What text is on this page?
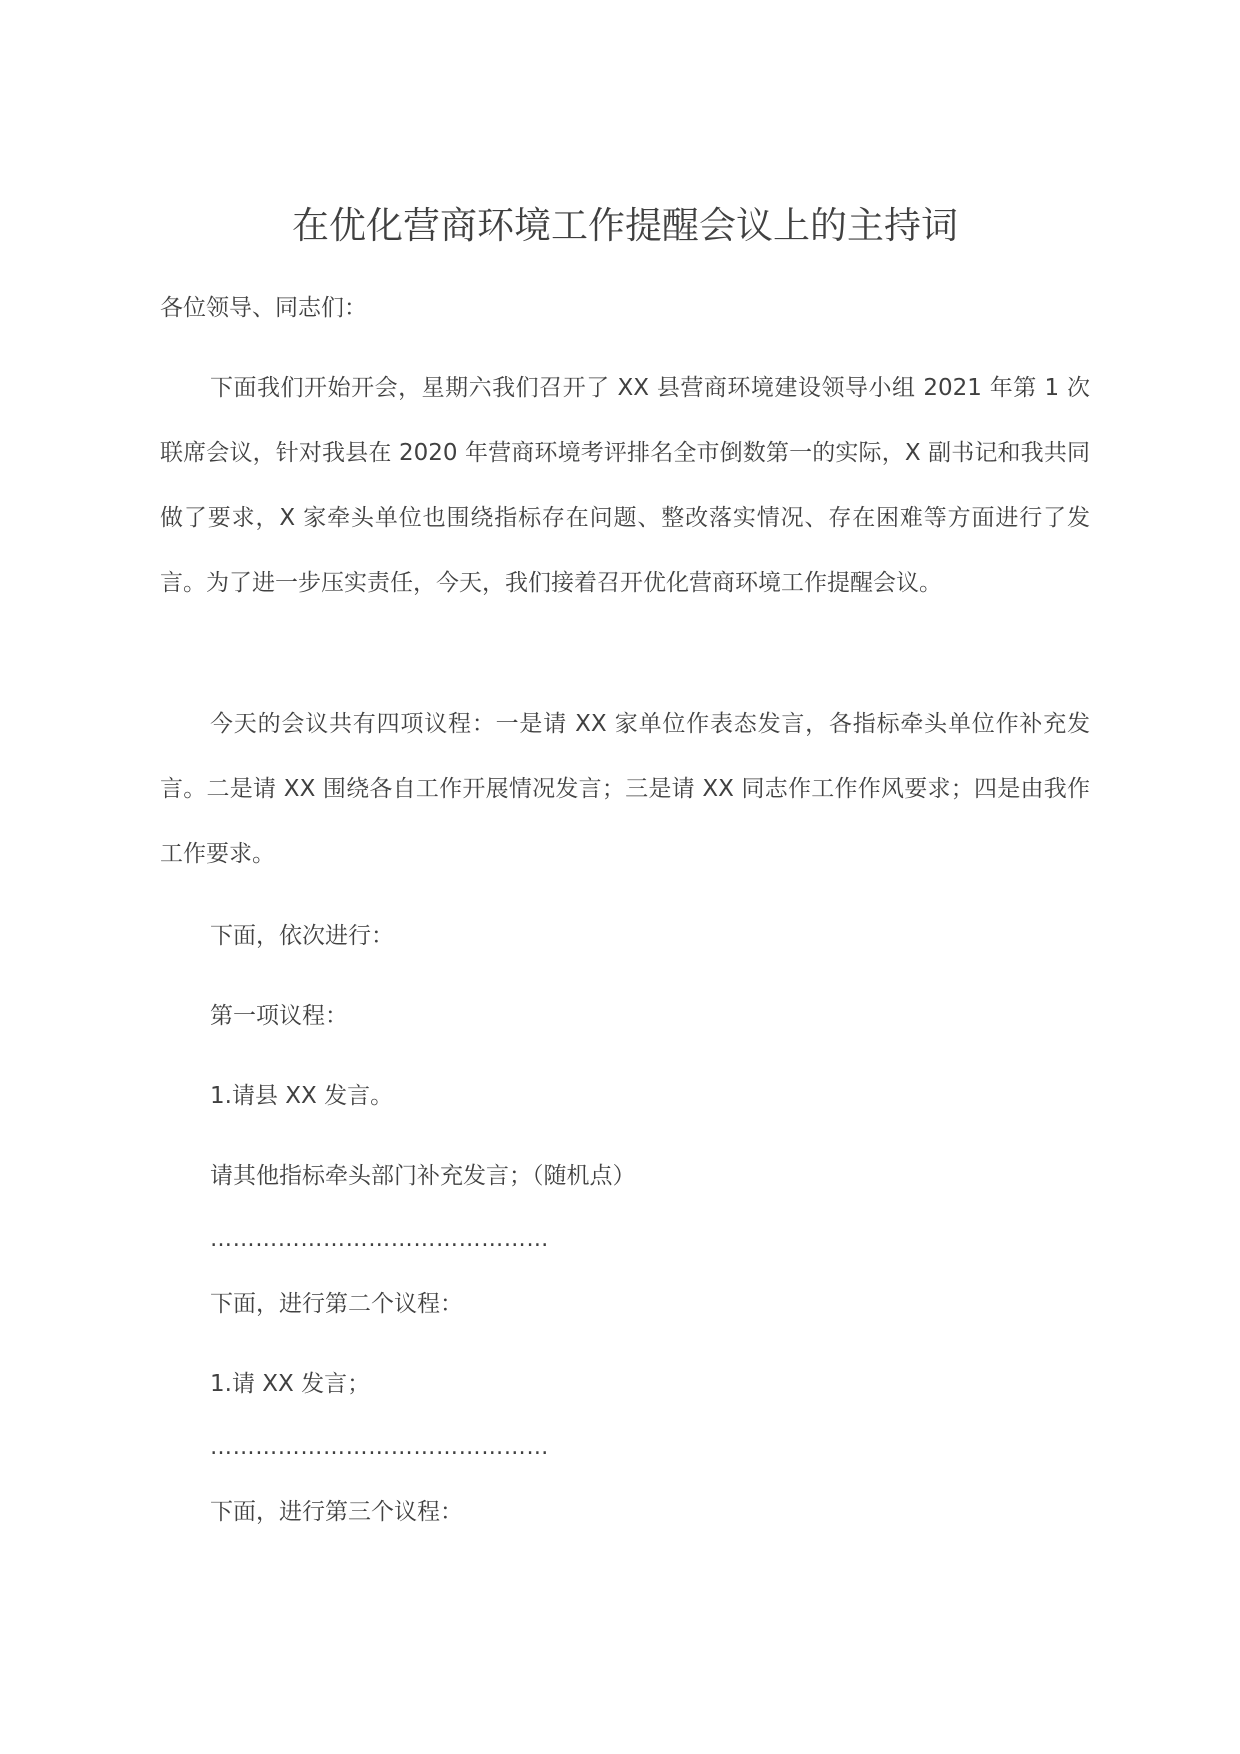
在优化营商环境工作提醒会议上的主持词

各位领导、同志们：

下面我们开始开会，星期六我们召开了 XX 县营商环境建设领导小组 2021 年第 1 次联席会议，针对我县在 2020 年营商环境考评排名全市倒数第一的实际，X 副书记和我共同做了要求，X 家牵头单位也围绕指标存在问题、整改落实情况、存在困难等方面进行了发言。为了进一步压实责任，今天，我们接着召开优化营商环境工作提醒会议。

今天的会议共有四项议程：一是请 XX 家单位作表态发言，各指标牵头单位作补充发言。二是请 XX 围绕各自工作开展情况发言；三是请 XX 同志作工作作风要求；四是由我作工作要求。

下面，依次进行：

第一项议程：

1.请县 XX 发言。

请其他指标牵头部门补充发言；（随机点）

………………………………………

下面，进行第二个议程：

1.请 XX 发言；

………………………………………

下面，进行第三个议程：
